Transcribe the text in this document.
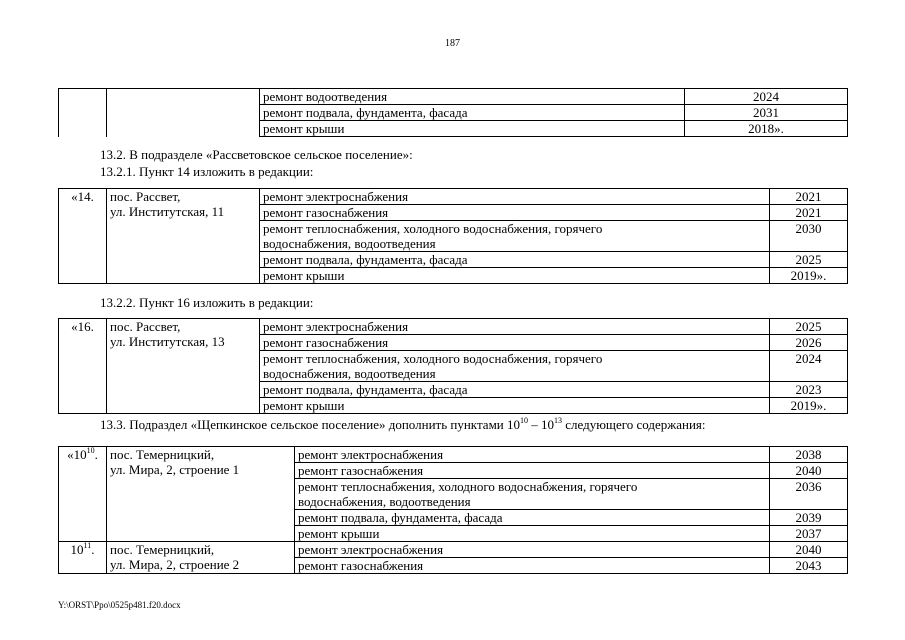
187
		ремонт водоотведения	2024
		ремонт подвала, фундамента, фасада	2031
		ремонт крыши	2018».
13.2. В подразделе «Рассветовское сельское поселение»:
13.2.1. Пункт 14 изложить в редакции:
«14.	пос. Рассвет,
ул. Институтская, 11	ремонт электроснабжения	2021
		ремонт газоснабжения	2021
		ремонт теплоснабжения, холодного водоснабжения, горячего водоснабжения, водоотведения	2030
		ремонт подвала, фундамента, фасада	2025
		ремонт крыши	2019».
13.2.2. Пункт 16 изложить в редакции:
«16.	пос. Рассвет,
ул. Институтская, 13	ремонт электроснабжения	2025
		ремонт газоснабжения	2026
		ремонт теплоснабжения, холодного водоснабжения, горячего водоснабжения, водоотведения	2024
		ремонт подвала, фундамента, фасада	2023
		ремонт крыши	2019».
13.3. Подраздел «Щепкинское сельское поселение» дополнить пунктами $10^{10} - 10^{13}$ следующего содержания:
«$10^{10}$.	пос. Темерницкий,
ул. Мира, 2, строение 1	ремонт электроснабжения	2038
		ремонт газоснабжения	2040
		ремонт теплоснабжения, холодного водоснабжения, горячего водоснабжения, водоотведения	2036
		ремонт подвала, фундамента, фасада	2039
		ремонт крыши	2037
$10^{11}$.	пос. Темерницкий,
ул. Мира, 2, строение 2	ремонт электроснабжения	2040
		ремонт газоснабжения	2043
Y:\ORST\Ppo\0525p481.f20.docx
